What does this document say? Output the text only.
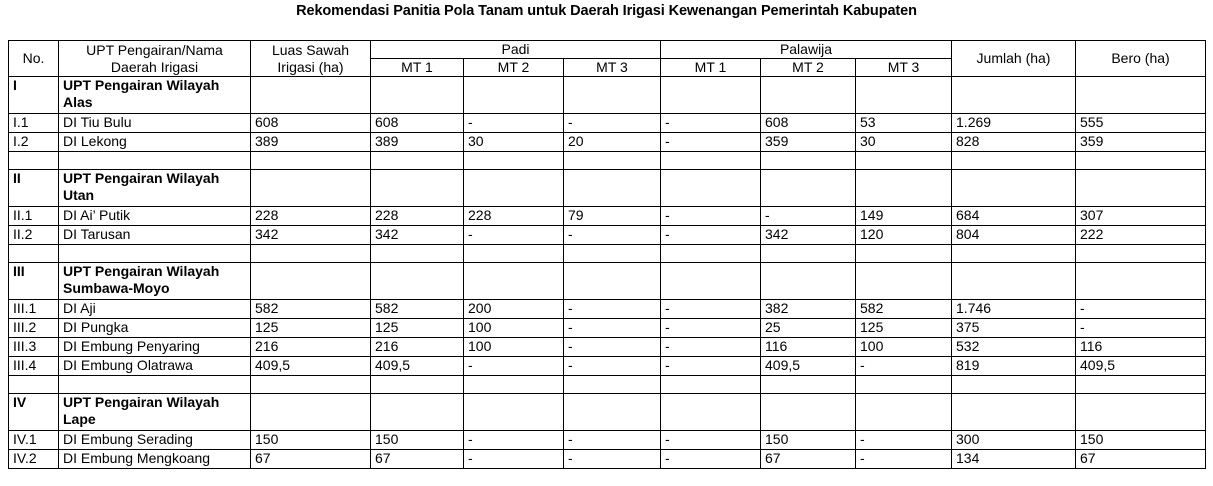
Rekomendasi Panitia Pola Tanam untuk Daerah Irigasi Kewenangan Pemerintah Kabupaten
No.	UPT Pengairan/Nama Daerah Irigasi	Luas Sawah Irigasi (ha)	Padi			Palawija			Jumlah (ha)	Bero (ha)
			MT 1	MT 2	MT 3	MT 1	MT 2	MT 3		
I	UPT Pengairan Wilayah Alas									
I.1	DI Tiu Bulu	608	608	-	-	-	608	53	1.269	555
I.2	DI Lekong	389	389	30	20	-	359	30	828	359

II	UPT Pengairan Wilayah Utan									
II.1	DI Ai’ Putik	228	228	228	79	-	-	149	684	307
II.2	DI Tarusan	342	342	-	-	-	342	120	804	222

III	UPT Pengairan Wilayah Sumbawa-Moyo									
III.1	DI Aji	582	582	200	-	-	382	582	1.746	-
III.2	DI Pungka	125	125	100	-	-	25	125	375	-
III.3	DI Embung Penyaring	216	216	100	-	-	116	100	532	116
III.4	DI Embung Olatrawa	409,5	409,5	-	-	-	409,5	-	819	409,5

IV	UPT Pengairan Wilayah Lape									
IV.1	DI Embung Serading	150	150	-	-	-	150	-	300	150
IV.2	DI Embung Mengkoang	67	67	-	-	-	67	-	134	67
